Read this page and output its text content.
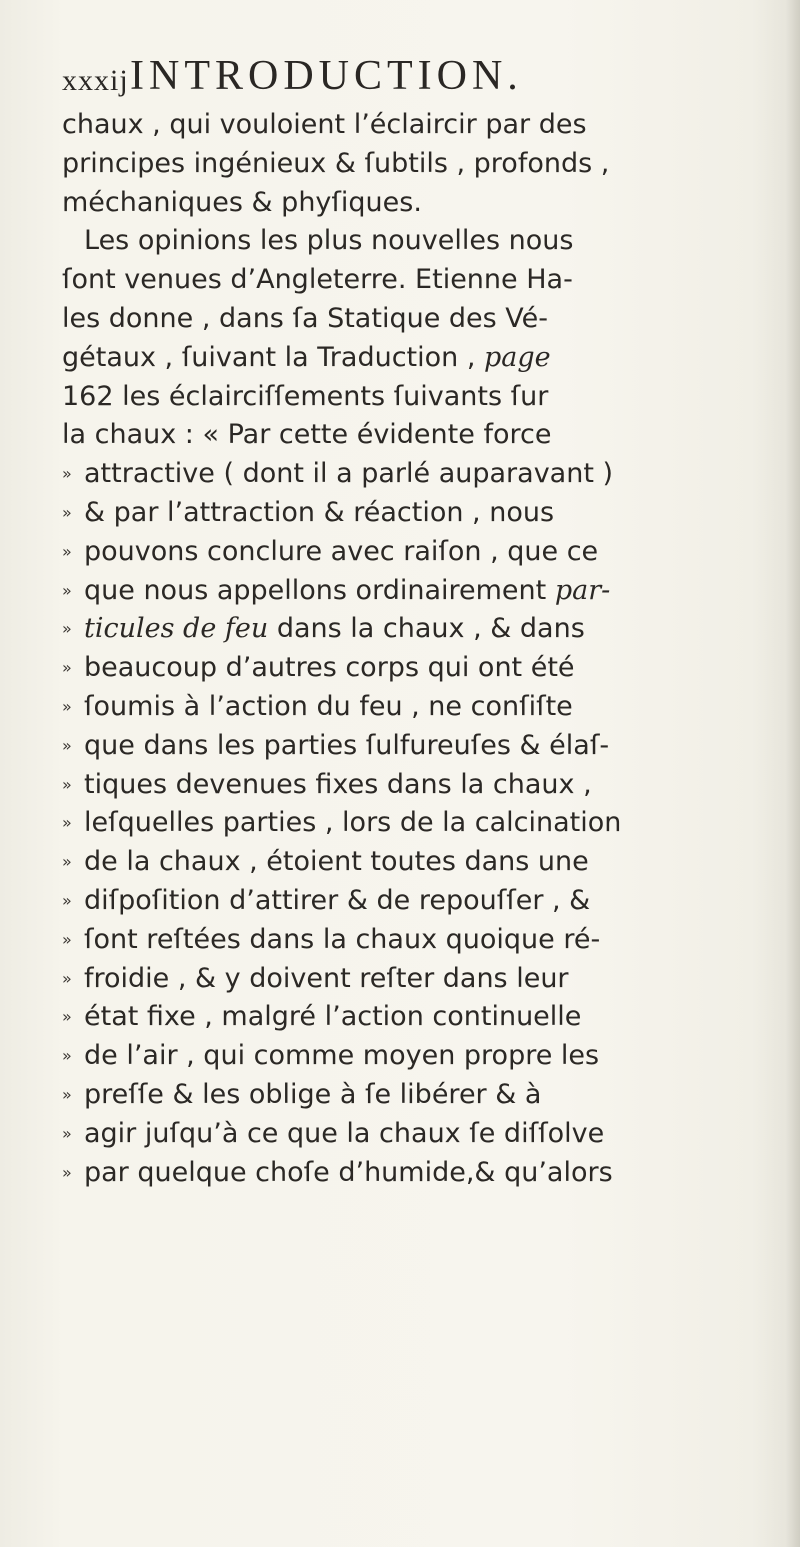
xxxij INTRODUCTION.
chaux , qui vouloient l’éclaircir par des
principes ingénieux & ſubtils , profonds ,
méchaniques & phyſiques.
Les opinions les plus nouvelles nous
ſont venues d’Angleterre. Etienne Ha-
les donne , dans ſa Statique des Vé-
gétaux , ſuivant la Traduction , page
162 les éclairciſſements ſuivants ſur
la chaux : « Par cette évidente force
» attractive ( dont il a parlé auparavant )
» & par l’attraction & réaction , nous
» pouvons conclure avec raiſon , que ce
» que nous appellons ordinairement par-
» ticules de feu dans la chaux , & dans
» beaucoup d’autres corps qui ont été
» ſoumis à l’action du feu , ne conſiſte
» que dans les parties ſulfureuſes & élaſ-
» tiques devenues fixes dans la chaux ,
» leſquelles parties , lors de la calcination
» de la chaux , étoient toutes dans une
» diſpoſition d’attirer & de repouſſer , &
» ſont reſtées dans la chaux quoique ré-
» froidie , & y doivent reſter dans leur
» état fixe , malgré l’action continuelle
» de l’air , qui comme moyen propre les
» preſſe & les oblige à ſe libérer & à
» agir juſqu’à ce que la chaux ſe diſſolve
» par quelque choſe d’humide,& qu’alors
